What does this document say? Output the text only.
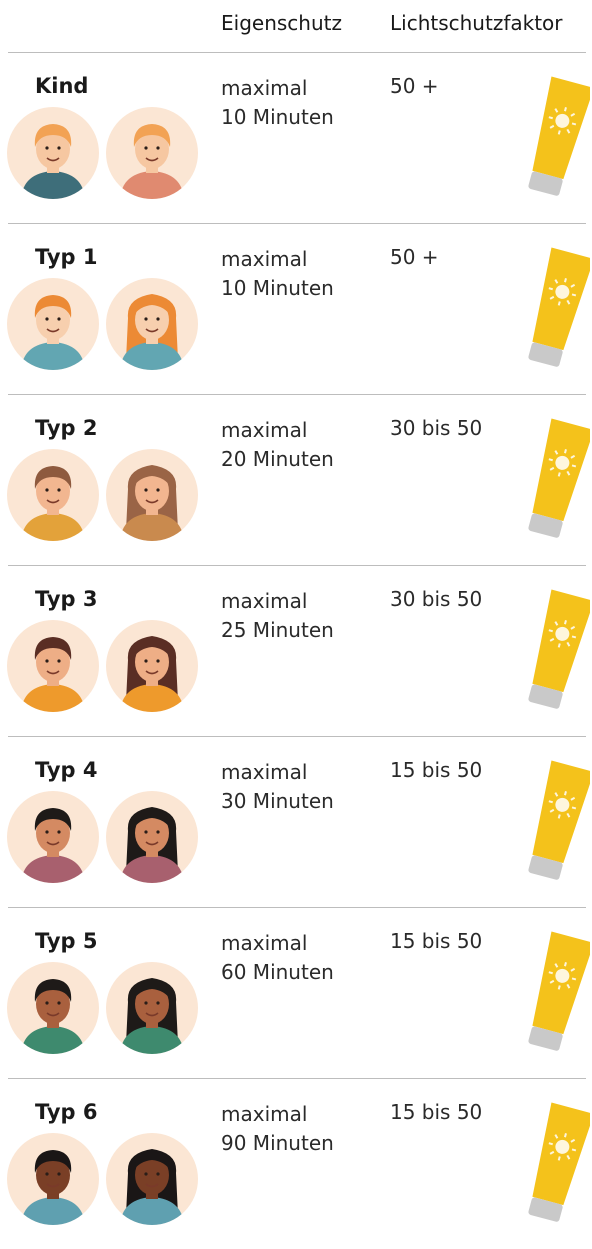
Eigenschutz Lichtschutzfaktor
Kind	maximal
10 Minuten
50 +
Typ 1	maximal
10 Minuten
50 +
Typ 2	maximal
20 Minuten
30 bis 50
Typ 3	maximal
25 Minuten
30 bis 50
Typ 4	maximal
30 Minuten
15 bis 50
Typ 5	maximal
60 Minuten
15 bis 50
Typ 6	maximal
90 Minuten
15 bis 50
